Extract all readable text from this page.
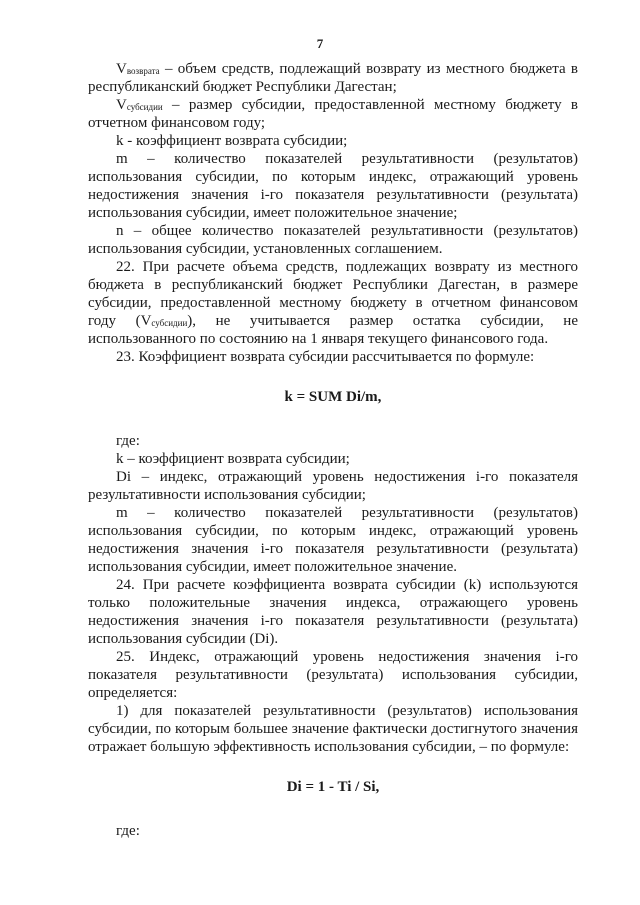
7

$V_{возврата}$ – объем средств, подлежащий возврату из местного бюджета в республиканский бюджет Республики Дагестан;

$V_{субсидии}$ – размер субсидии, предоставленной местному бюджету в отчетном финансовом году;

k - коэффициент возврата субсидии;

m – количество показателей результативности (результатов) использования субсидии, по которым индекс, отражающий уровень недостижения значения i-го показателя результативности (результата) использования субсидии, имеет положительное значение;

n – общее количество показателей результативности (результатов) использования субсидии, установленных соглашением.

22. При расчете объема средств, подлежащих возврату из местного бюджета в республиканский бюджет Республики Дагестан, в размере субсидии, предоставленной местному бюджету в отчетном финансовом году $(V_{субсидии})$, не учитывается размер остатка субсидии, не использованного по состоянию на 1 января текущего финансового года.

23. Коэффициент возврата субсидии рассчитывается по формуле:

k = SUM Di/m,

где:

k – коэффициент возврата субсидии;

Di – индекс, отражающий уровень недостижения i-го показателя результативности использования субсидии;

m – количество показателей результативности (результатов) использования субсидии, по которым индекс, отражающий уровень недостижения значения i-го показателя результативности (результата) использования субсидии, имеет положительное значение.

24. При расчете коэффициента возврата субсидии (k) используются только положительные значения индекса, отражающего уровень недостижения значения i-го показателя результативности (результата) использования субсидии (Di).

25. Индекс, отражающий уровень недостижения значения i-го показателя результативности (результата) использования субсидии, определяется:

1) для показателей результативности (результатов) использования субсидии, по которым большее значение фактически достигнутого значения отражает большую эффективность использования субсидии, – по формуле:

Di = 1 - Ti / Si,

где:
